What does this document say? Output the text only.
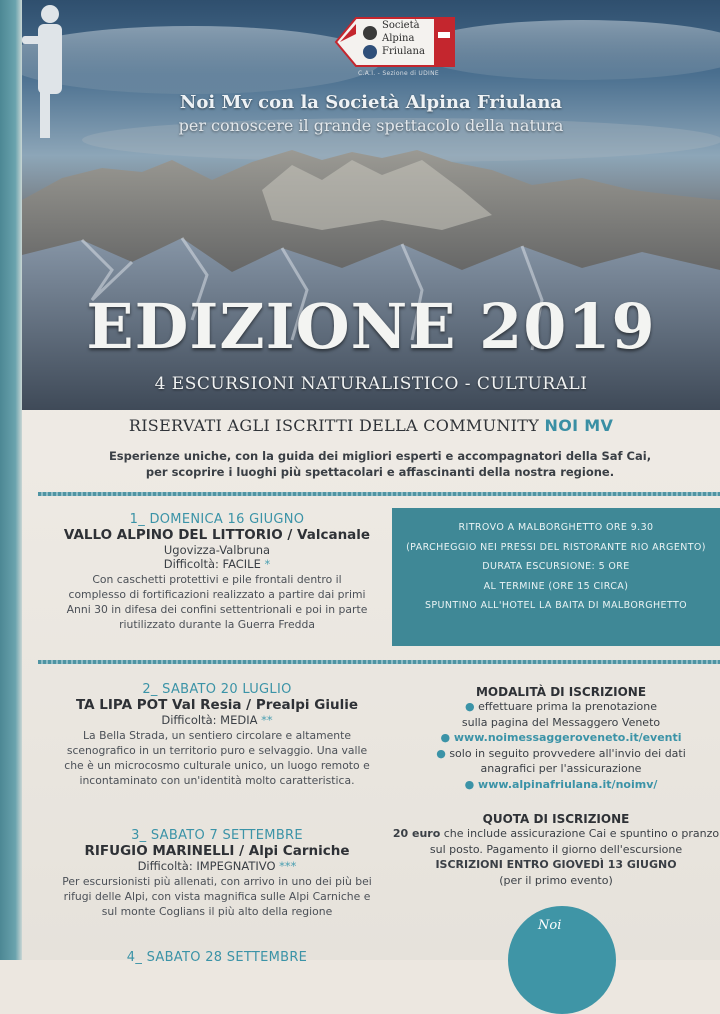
Società
Alpina
Friulana
C.A.I. - Sezione di UDINE
Noi Mv con la Società Alpina Friulana
per conoscere il grande spettacolo della natura
EDIZIONE 2019
4 ESCURSIONI NATURALISTICO - CULTURALI
RISERVATI AGLI ISCRITTI DELLA COMMUNITY NOI MV
Esperienze uniche, con la guida dei migliori esperti e accompagnatori della Saf Cai,
per scoprire i luoghi più spettacolari e affascinanti della nostra regione.
1_ DOMENICA 16 GIUGNO
VALLO ALPINO DEL LITTORIO / Valcanale
Ugovizza-Valbruna
Difficoltà: FACILE *
Con caschetti protettivi e pile frontali dentro il
complesso di fortificazioni realizzato a partire dai primi
Anni 30 in difesa dei confini settentrionali e poi in parte
riutilizzato durante la Guerra Fredda
RITROVO A MALBORGHETTO ORE 9.30
(PARCHEGGIO NEI PRESSI DEL RISTORANTE RIO ARGENTO)
DURATA ESCURSIONE: 5 ORE
AL TERMINE (ORE 15 CIRCA)
SPUNTINO ALL'HOTEL LA BAITA DI MALBORGHETTO
2_ SABATO 20 LUGLIO
TA LIPA POT Val Resia / Prealpi Giulie
Difficoltà: MEDIA **
La Bella Strada, un sentiero circolare e altamente
scenografico in un territorio puro e selvaggio. Una valle
che è un microcosmo culturale unico, un luogo remoto e
incontaminato con un'identità molto caratteristica.
3_ SABATO 7 SETTEMBRE
RIFUGIO MARINELLI / Alpi Carniche
Difficoltà: IMPEGNATIVO ***
Per escursionisti più allenati, con arrivo in uno dei più bei
rifugi delle Alpi, con vista magnifica sulle Alpi Carniche e
sul monte Coglians il più alto della regione
4_ SABATO 28 SETTEMBRE
MODALITÀ DI ISCRIZIONE
● effettuare prima la prenotazione
sulla pagina del Messaggero Veneto
● www.noimessaggeroveneto.it/eventi
● solo in seguito provvedere all'invio dei dati
anagrafici per l'assicurazione
● www.alpinafriulana.it/noimv/
QUOTA DI ISCRIZIONE
20 euro che include assicurazione Cai e spuntino o pranzo
sul posto. Pagamento il giorno dell'escursione
ISCRIZIONI ENTRO GIOVEDÌ 13 GIUGNO
(per il primo evento)
Noi
